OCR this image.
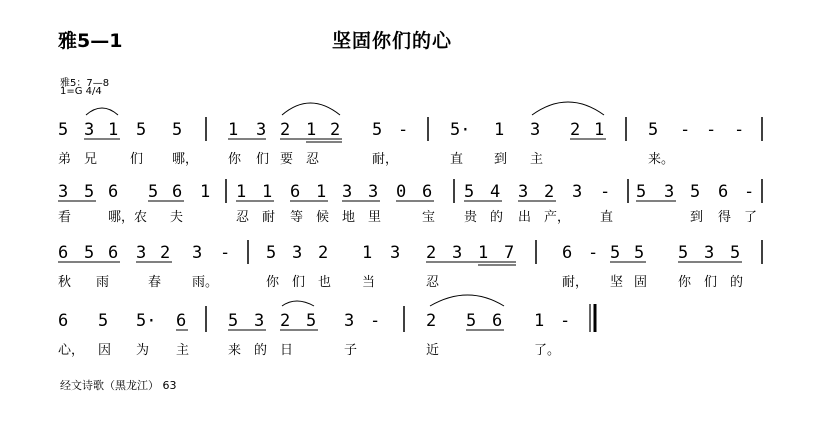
雅5—1	坚固你们的心
雅5：7—8
1=G 4/4
5 3 1 5 5	1 3 2 1 2 5 - 5· 1 3 2 1	5 - - -
弟 兄	们 哪， 你 们 要 忍	耐，	直 到 主	来。
3 5 6 5 6 1 1 1 6 1 3 3 0 6 5 4 3 2 3 - 5 3 5 6 -
看	哪，农 夫	忍 耐 等 候 地 里	宝 贵 的 出 产， 直	到 得 了
6 5 6 3 2 3 - 5 3 2 1 3 2 3 1 7	6 - 5 5 5 3 5
秋 雨	春 雨。	你 们 也 当	忍	耐， 坚 固 你 们 的
6 5 5· 6 5 3 2 5 3 -	2 5 6 1 -
心， 因 为 主	来 的 日	子	近	了。
经文诗歌（黑龙江） 63
